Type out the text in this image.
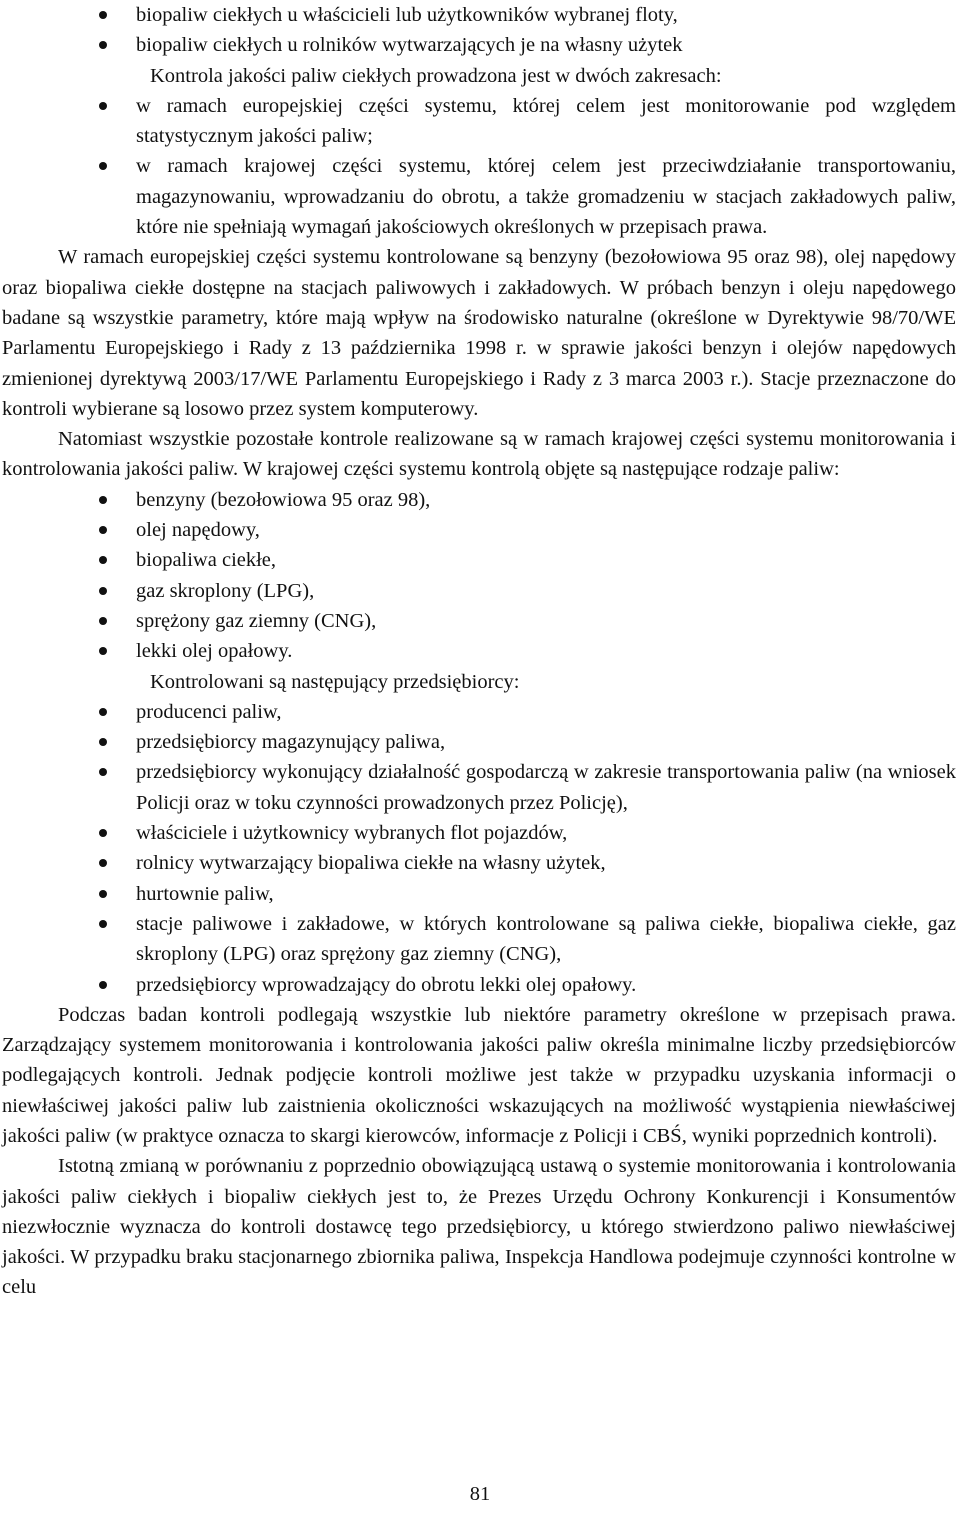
biopaliw ciekłych u właścicieli lub użytkowników wybranej floty,
biopaliw ciekłych u rolników wytwarzających je na własny użytek

Kontrola jakości paliw ciekłych prowadzona jest w dwóch zakresach:

w ramach europejskiej części systemu, której celem jest monitorowanie pod względem statystycznym jakości paliw;
w ramach krajowej części systemu, której celem jest przeciwdziałanie transportowaniu, magazynowaniu, wprowadzaniu do obrotu, a także gromadzeniu w stacjach zakładowych paliw, które nie spełniają wymagań jakościowych określonych w przepisach prawa.

W ramach europejskiej części systemu kontrolowane są benzyny (bezołowiowa 95 oraz 98), olej napędowy oraz biopaliwa ciekłe dostępne na stacjach paliwowych i zakładowych. W próbach benzyn i oleju napędowego badane są wszystkie parametry, które mają wpływ na środowisko naturalne (określone w Dyrektywie 98/70/WE Parlamentu Europejskiego i Rady z 13 października 1998 r. w sprawie jakości benzyn i olejów napędowych zmienionej dyrektywą 2003/17/WE Parlamentu Europejskiego i Rady z 3 marca 2003 r.). Stacje przeznaczone do kontroli wybierane są losowo przez system komputerowy.

Natomiast wszystkie pozostałe kontrole realizowane są w ramach krajowej części systemu monitorowania i kontrolowania jakości paliw. W krajowej części systemu kontrolą objęte są następujące rodzaje paliw:

benzyny (bezołowiowa 95 oraz 98),
olej napędowy,
biopaliwa ciekłe,
gaz skroplony (LPG),
sprężony gaz ziemny (CNG),
lekki olej opałowy.

Kontrolowani są następujący przedsiębiorcy:

producenci paliw,
przedsiębiorcy magazynujący paliwa,
przedsiębiorcy wykonujący działalność gospodarczą w zakresie transportowania paliw (na wniosek Policji oraz w toku czynności prowadzonych przez Policję),
właściciele i użytkownicy wybranych flot pojazdów,
rolnicy wytwarzający biopaliwa ciekłe na własny użytek,
hurtownie paliw,
stacje paliwowe i zakładowe, w których kontrolowane są paliwa ciekłe, biopaliwa ciekłe, gaz skroplony (LPG) oraz sprężony gaz ziemny (CNG),
przedsiębiorcy wprowadzający do obrotu lekki olej opałowy.

Podczas badan kontroli podlegają wszystkie lub niektóre parametry określone w przepisach prawa. Zarządzający systemem monitorowania i kontrolowania jakości paliw określa minimalne liczby przedsiębiorców podlegających kontroli. Jednak podjęcie kontroli możliwe jest także w przypadku uzyskania informacji o niewłaściwej jakości paliw lub zaistnienia okoliczności wskazujących na możliwość wystąpienia niewłaściwej jakości paliw (w praktyce oznacza to skargi kierowców, informacje z Policji i CBŚ, wyniki poprzednich kontroli).

Istotną zmianą w porównaniu z poprzednio obowiązującą ustawą o systemie monitorowania i kontrolowania jakości paliw ciekłych i biopaliw ciekłych jest to, że Prezes Urzędu Ochrony Konkurencji i Konsumentów niezwłocznie wyznacza do kontroli dostawcę tego przedsiębiorcy, u którego stwierdzono paliwo niewłaściwej jakości. W przypadku braku stacjonarnego zbiornika paliwa, Inspekcja Handlowa podejmuje czynności kontrolne w celu

81
